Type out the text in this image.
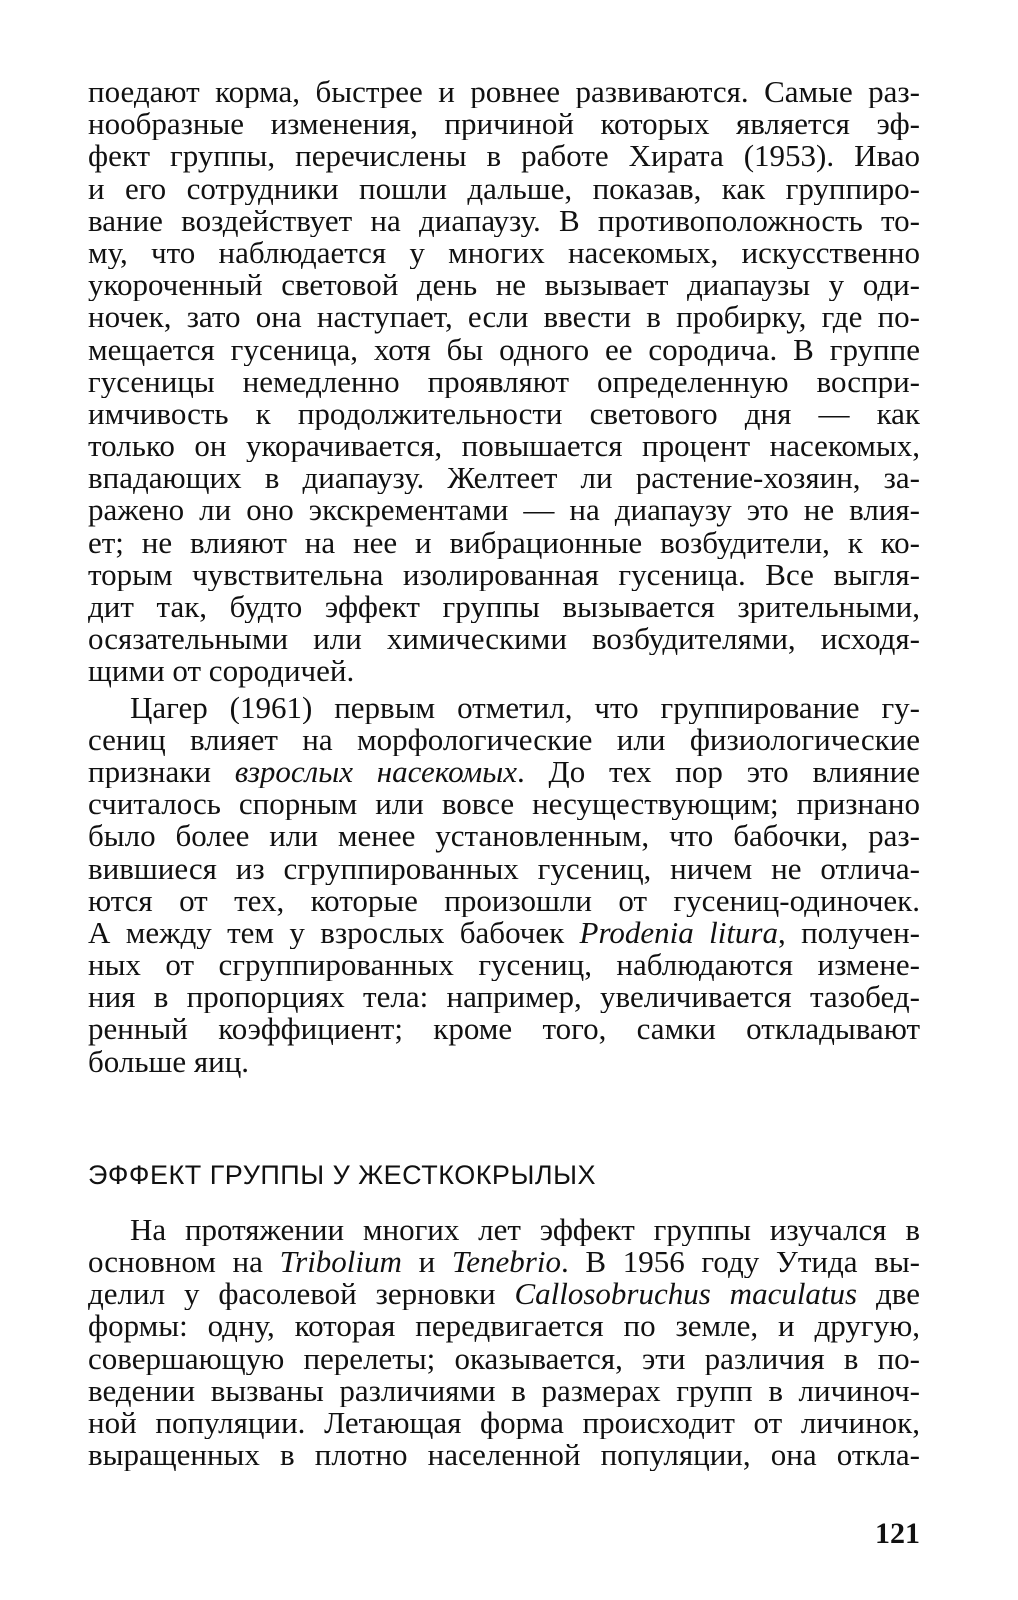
поедают корма, быстрее и ровнее развиваются. Самые раз-
нообразные изменения, причиной которых является эф-
фект группы, перечислены в работе Хирата (1953). Ивао
и его сотрудники пошли дальше, показав, как группиро-
вание воздействует на диапаузу. В противоположность то-
му, что наблюдается у многих насекомых, искусственно
укороченный световой день не вызывает диапаузы у оди-
ночек, зато она наступает, если ввести в пробирку, где по-
мещается гусеница, хотя бы одного ее сородича. В группе
гусеницы немедленно проявляют определенную воспри-
имчивость к продолжительности светового дня — как
только он укорачивается, повышается процент насекомых,
впадающих в диапаузу. Желтеет ли растение-хозяин, за-
ражено ли оно экскрементами — на диапаузу это не влия-
ет; не влияют на нее и вибрационные возбудители, к ко-
торым чувствительна изолированная гусеница. Все выгля-
дит так, будто эффект группы вызывается зрительными,
осязательными или химическими возбудителями, исходя-
щими от сородичей.
Цагер (1961) первым отметил, что группирование гу-
сениц влияет на морфологические или физиологические
признаки взрослых насекомых. До тех пор это влияние
считалось спорным или вовсе несуществующим; признано
было более или менее установленным, что бабочки, раз-
вившиеся из сгруппированных гусениц, ничем не отлича-
ются от тех, которые произошли от гусениц-одиночек.
А между тем у взрослых бабочек Prodenia litura, получен-
ных от сгруппированных гусениц, наблюдаются измене-
ния в пропорциях тела: например, увеличивается тазобед-
ренный коэффициент; кроме того, самки откладывают
больше яиц.
ЭФФЕКТ ГРУППЫ У ЖЕСТКОКРЫЛЫХ
На протяжении многих лет эффект группы изучался в
основном на Tribolium и Tenebrio. В 1956 году Утида вы-
делил у фасолевой зерновки Callosobruchus maculatus две
формы: одну, которая передвигается по земле, и другую,
совершающую перелеты; оказывается, эти различия в по-
ведении вызваны различиями в размерах групп в личиноч-
ной популяции. Летающая форма происходит от личинок,
выращенных в плотно населенной популяции, она откла-
121
